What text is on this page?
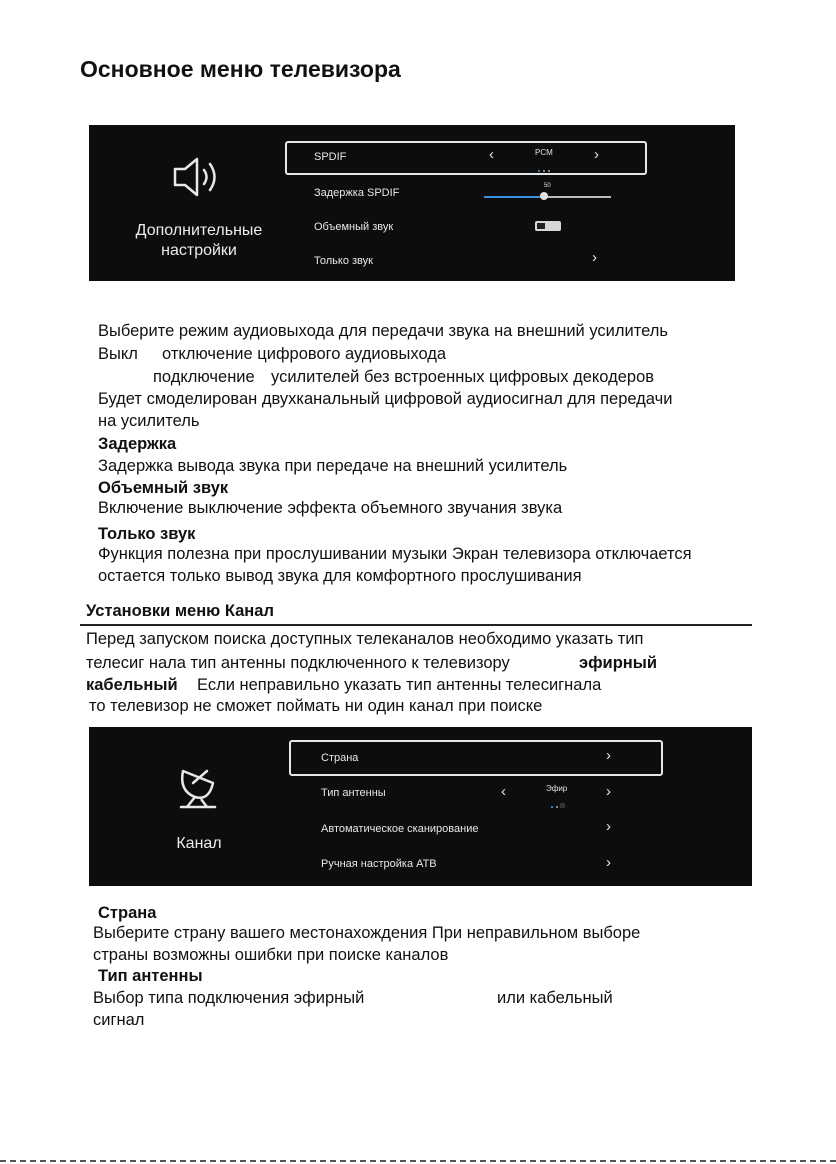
Основное меню телевизора
Дополнительные
настройки
SPDIF	‹	PCM	›
Задержка SPDIF
50
Объемный звук
Только звук	›
Выберите режим аудиовыхода для передачи звука на внешний усилитель
Выкл отключение цифрового аудиовыхода
подключение усилителей без встроенных цифровых декодеров
Будет смоделирован двухканальный цифровой аудиосигнал для передачи
на усилитель
Задержка
Задержка вывода звука при передаче на внешний усилитель
Объемный звук
Включение выключение эффекта объемного звучания звука
Только звук
Функция полезна при прослушивании музыки Экран телевизора отключается
остается только вывод звука для комфортного прослушивания
Установки меню Канал
Перед запуском поиска доступных телеканалов необходимо указать тип
телесиг нала тип антенны подключенного к телевизору	эфирный
кабельный Если неправильно указать тип антенны телесигнала
то телевизор не сможет поймать ни один канал при поиске
Канал
Страна	›
Тип антенны	‹	Эфир	›
Автоматическое сканирование	›
Ручная настройка АТВ	›
Страна
Выберите страну вашего местонахождения При неправильном выборе
страны возможны ошибки при поиске каналов
Тип антенны
Выбор типа подключения эфирный	или кабельный
сигнал
